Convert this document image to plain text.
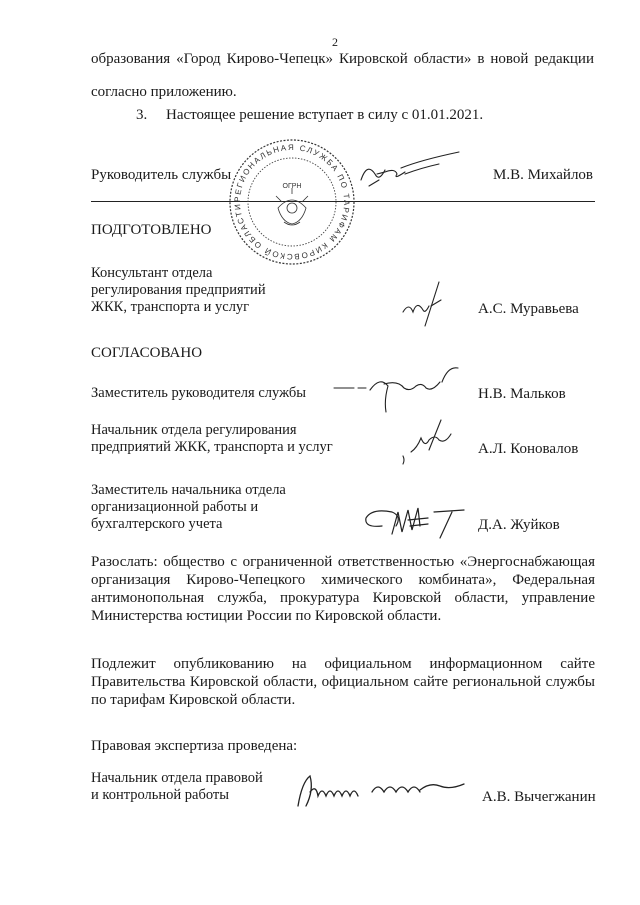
2
образования «Город Кирово-Чепецк» Кировской области» в новой редакции
согласно приложению.
3. Настоящее решение вступает в силу с 01.01.2021.
Руководитель службы	М.В. Михайлов
РЕГИОНАЛЬНАЯ СЛУЖБА ПО ТАРИФАМ КИРОВСКОЙ ОБЛАСТИ
ОГРН
ПОДГОТОВЛЕНО
Консультант отдела
регулирования предприятий
ЖКК, транспорта и услуг	А.С. Муравьева
СОГЛАСОВАНО
Заместитель руководителя службы	Н.В. Мальков
Начальник отдела регулирования
предприятий ЖКК, транспорта и услуг	А.Л. Коновалов
Заместитель начальника отдела
организационной работы и
бухгалтерского учета	Д.А. Жуйков
Разослать: общество с ограниченной ответственностью «Энергоснабжающая
организация Кирово-Чепецкого химического комбината», Федеральная
антимонопольная служба, прокуратура Кировской области, управление
Министерства юстиции России по Кировской области.
Подлежит опубликованию на официальном информационном сайте
Правительства Кировской области, официальном сайте региональной службы
по тарифам Кировской области.
Правовая экспертиза проведена:
Начальник отдела правовой
и контрольной работы	А.В. Вычегжанин
